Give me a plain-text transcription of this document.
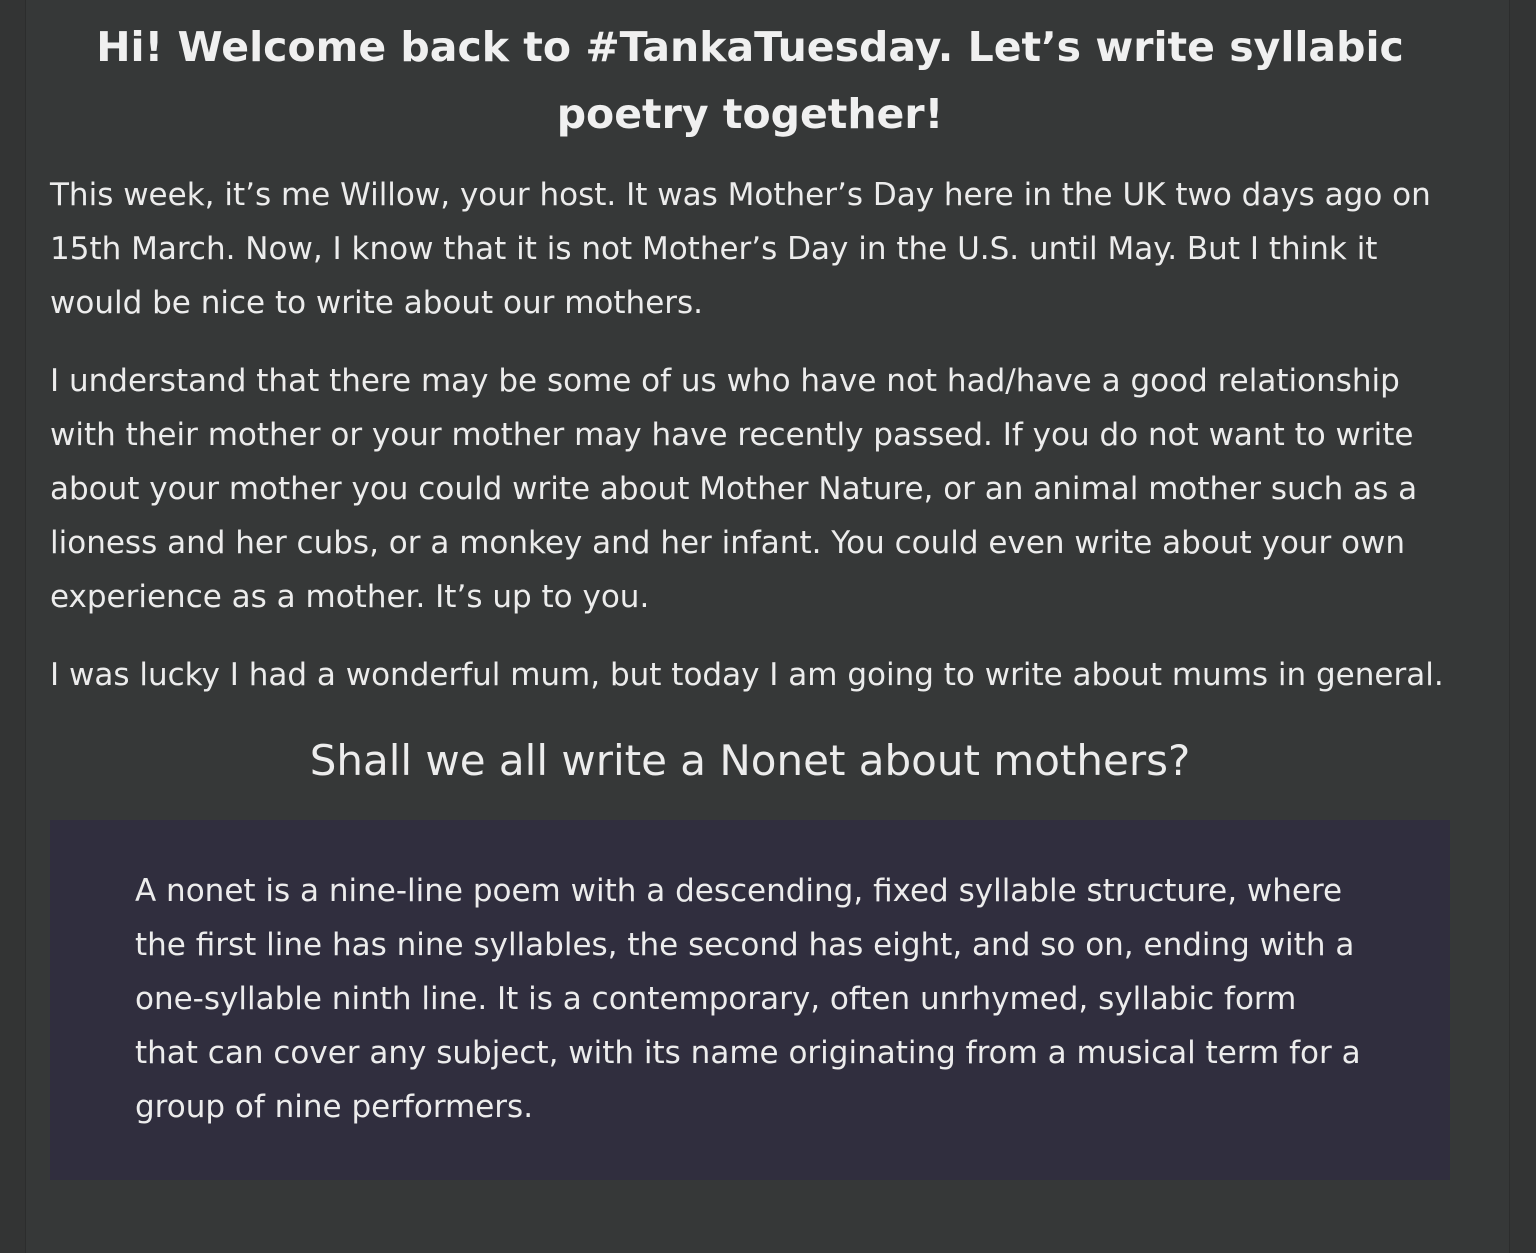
Hi! Welcome back to #TankaTuesday. Let’s write syllabic poetry together!

This week, it’s me Willow, your host. It was Mother’s Day here in the UK two days ago on 15th March. Now, I know that it is not Mother’s Day in the U.S. until May. But I think it would be nice to write about our mothers.

I understand that there may be some of us who have not had/have a good relationship with their mother or your mother may have recently passed. If you do not want to write about your mother you could write about Mother Nature, or an animal mother such as a lioness and her cubs, or a monkey and her infant. You could even write about your own experience as a mother. It’s up to you.

I was lucky I had a wonderful mum, but today I am going to write about mums in general.

Shall we all write a Nonet about mothers?

A nonet is a nine-line poem with a descending, fixed syllable structure, where the first line has nine syllables, the second has eight, and so on, ending with a one-syllable ninth line. It is a contemporary, often unrhymed, syllabic form that can cover any subject, with its name originating from a musical term for a group of nine performers.
